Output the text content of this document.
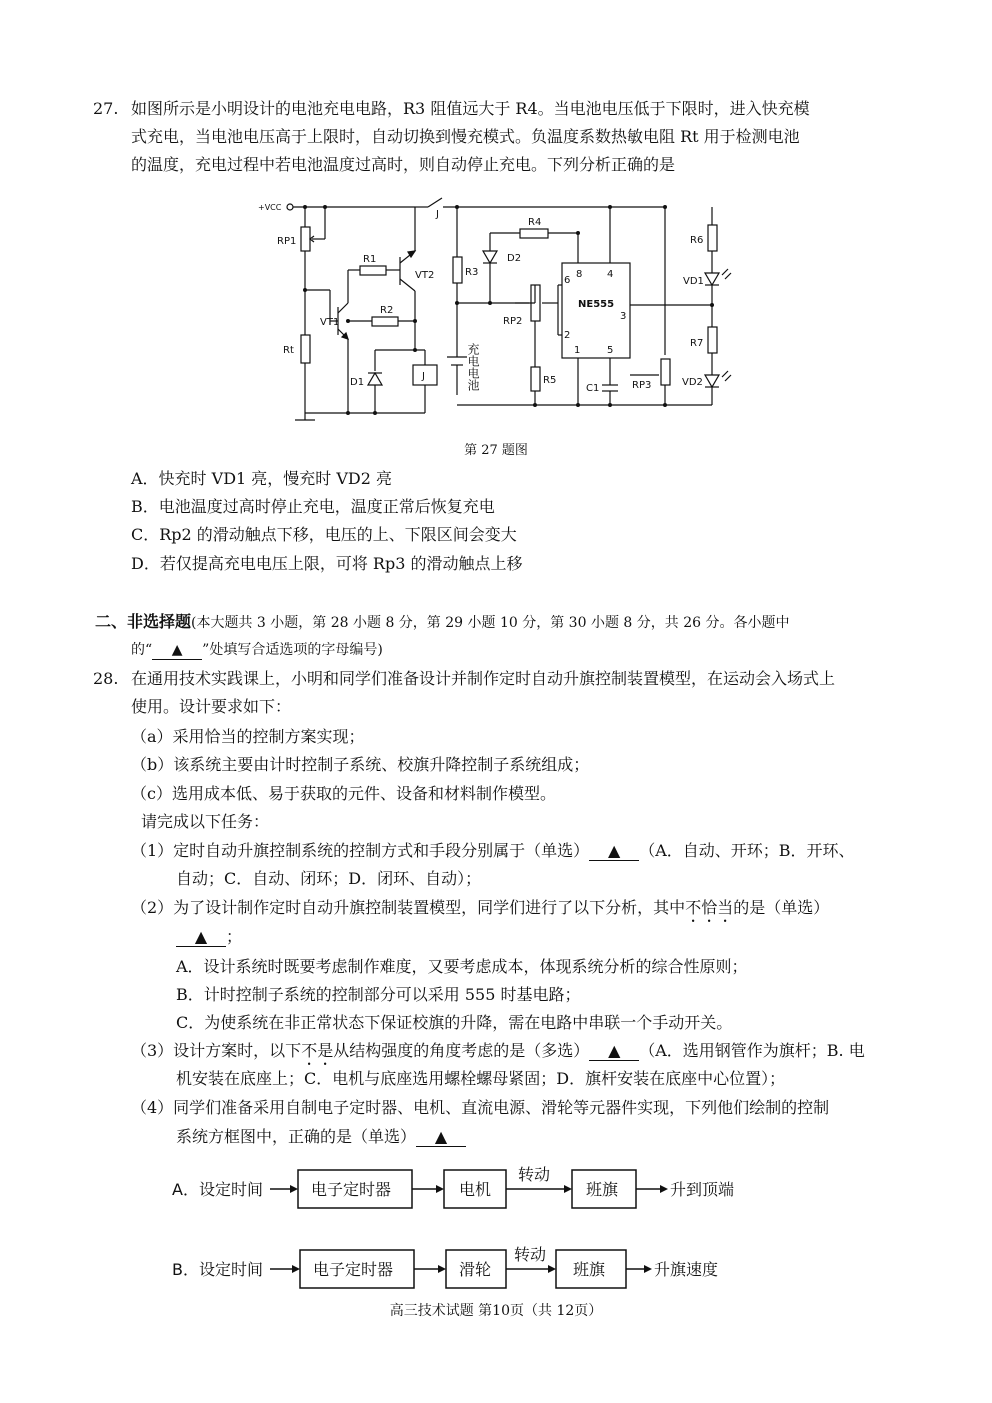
27. 如图所示是小明设计的电池充电电路，R3 阻值远大于 R4。当电池电压低于下限时，进入快充模
式充电，当电池电压高于上限时，自动切换到慢充模式。负温度系数热敏电阻 Rt 用于检测电池
的温度，充电过程中若电池温度过高时，则自动停止充电。下列分析正确的是
+VCC
RP1
Rt
R1
R2
VT1
VT2
D1
J
J
R3
R4
D2
RP2
R5
充电电池
NE555
8 4
6
3
2
1	5
C1	RP3
R6
VD1
R7
VD2
第 27 题图
A．快充时 VD1 亮，慢充时 VD2 亮
B．电池温度过高时停止充电，温度正常后恢复充电
C．Rp2 的滑动触点下移，电压的上、下限区间会变大
D．若仅提高充电电压上限，可将 Rp3 的滑动触点上移
二、非选择题(本大题共 3 小题，第 28 小题 8 分，第 29 小题 10 分，第 30 小题 8 分，共 26 分。各小题中
的“ ▲ ”处填写合适选项的字母编号)
28. 在通用技术实践课上，小明和同学们准备设计并制作定时自动升旗控制装置模型，在运动会入场式上
使用。设计要求如下：
（a）采用恰当的控制方案实现；
（b）该系统主要由计时控制子系统、校旗升降控制子系统组成；
（c）选用成本低、易于获取的元件、设备和材料制作模型。
请完成以下任务：
（1）定时自动升旗控制系统的控制方式和手段分别属于（单选） ▲ （A．自动、开环；B．开环、
自动；C．自动、闭环；D．闭环、自动）；
（2）为了设计制作定时自动升旗控制装置模型，同学们进行了以下分析，其中不恰当的是（单选）
▲ ；
A．设计系统时既要考虑制作难度，又要考虑成本，体现系统分析的综合性原则；
B．计时控制子系统的控制部分可以采用 555 时基电路；
C．为使系统在非正常状态下保证校旗的升降，需在电路中串联一个手动开关。
（3）设计方案时，以下不是从结构强度的角度考虑的是（多选） ▲ （A．选用钢管作为旗杆；B. 电
机安装在底座上；C．电机与底座选用螺栓螺母紧固；D．旗杆安装在底座中心位置）；
（4）同学们准备采用自制电子定时器、电机、直流电源、滑轮等元器件实现，下列他们绘制的控制
系统方框图中，正确的是（单选） ▲
A．设定时间	电子定时器	电机
转动
班旗	升到顶端
B．设定时间	电子定时器	滑轮
转动
班旗	升旗速度
高三技术试题 第10页（共 12页）
